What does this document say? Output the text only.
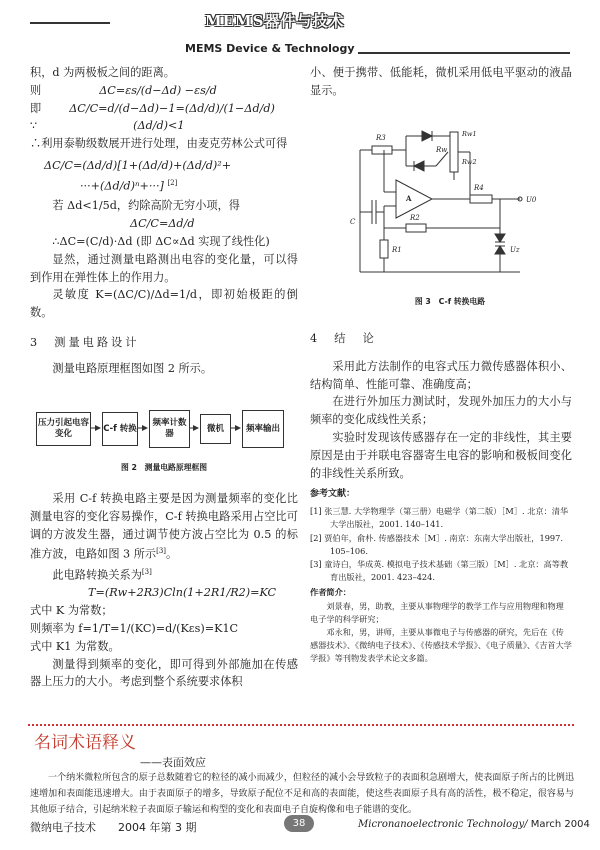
MEMS器件与技术
MEMS Device & Technology

积，d 为两极板之间的距离。

则	ΔC=εs/(d−Δd) −εs/d

即	ΔC/C=d/(d−Δd)−1=(Δd/d)/(1−Δd/d)

∵	(Δd/d)<1

∴利用泰勒级数展开进行处理，由麦克劳林公式可得

ΔC/C=(Δd/d)[1+(Δd/d)+(Δd/d)²+

···+(Δd/d)ⁿ+···] [2]

若 Δd<1/5d，约除高阶无穷小项，得

ΔC/C=Δd/d

∴ΔC=(C/d)·Δd (即 ΔC∝Δd 实现了线性化)

显然，通过测量电路测出电容的变化量，可以得到作用在弹性体上的作用力。

灵敏度 K=(ΔC/C)/Δd=1/d，即初始极距的倒数。

3　测量电路设计

测量电路原理框图如图 2 所示。

压力引起电容变化
C-f 转换
频率计数器
微机	频率输出
图 2　测量电路原理框图

采用 C-f 转换电路主要是因为测量频率的变化比测量电容的变化容易操作，C-f 转换电路采用占空比可调的方波发生器，通过调节使方波占空比为 0.5 的标准方波，电路如图 3 所示[3]。

此电路转换关系为[3]

T=(Rw+2R3)Cln(1+2R1/R2)=KC

式中 K 为常数；

则频率为 f=1/T=1/(KC)=d/(Kεs)=K1C

式中 K1 为常数。

测量得到频率的变化，即可得到外部施加在传感器上压力的大小。考虑到整个系统要求体积

小、便于携带、低能耗，微机采用低电平驱动的液晶显示。

R3	Rw1
Rw
Rw2
C
A
R4
U0
R2
R1	Uz
图 3　C-f 转换电路

4　结　论

采用此方法制作的电容式压力微传感器体积小、结构简单、性能可靠、准确度高；

在进行外加压力测试时，发现外加压力的大小与频率的变化成线性关系；

实验时发现该传感器存在一定的非线性，其主要原因是由于并联电容器寄生电容的影响和极板间变化的非线性关系所致。

参考文献：

[1] 张三慧. 大学物理学（第三册）电磁学（第二版）［M］. 北京：清华大学出版社，2001. 140–141.

[2] 贾伯年，俞朴. 传感器技术［M］. 南京：东南大学出版社，1997. 105–106.

[3] 童诗白，华成英. 模拟电子技术基础（第三版）［M］. 北京：高等教育出版社，2001. 423–424.

作者简介：

刘景春，男，助教，主要从事物理学的教学工作与应用物理和物理电子学的科学研究；

邓永和，男，讲师，主要从事微电子与传感器的研究，先后在《传感器技术》、《微纳电子技术》、《传感技术学报》、《电子质量》、《吉首大学学报》等刊物发表学术论文多篇。

名词术语释义
——表面效应

一个纳米微粒所包含的原子总数随着它的粒径的减小而减少，但粒径的减小会导致粒子的表面积急剧增大，使表面原子所占的比例迅速增加和表面能迅速增大。由于表面原子的增多，导致原子配位不足和高的表面能，使这些表面原子具有高的活性，极不稳定，很容易与其他原子结合，引起纳米粒子表面原子输运和构型的变化和表面电子自旋构像和电子能谱的变化。

微纳电子技术 2004 年第 3 期	38	Micronanoelectronic Technology/ March 2004
